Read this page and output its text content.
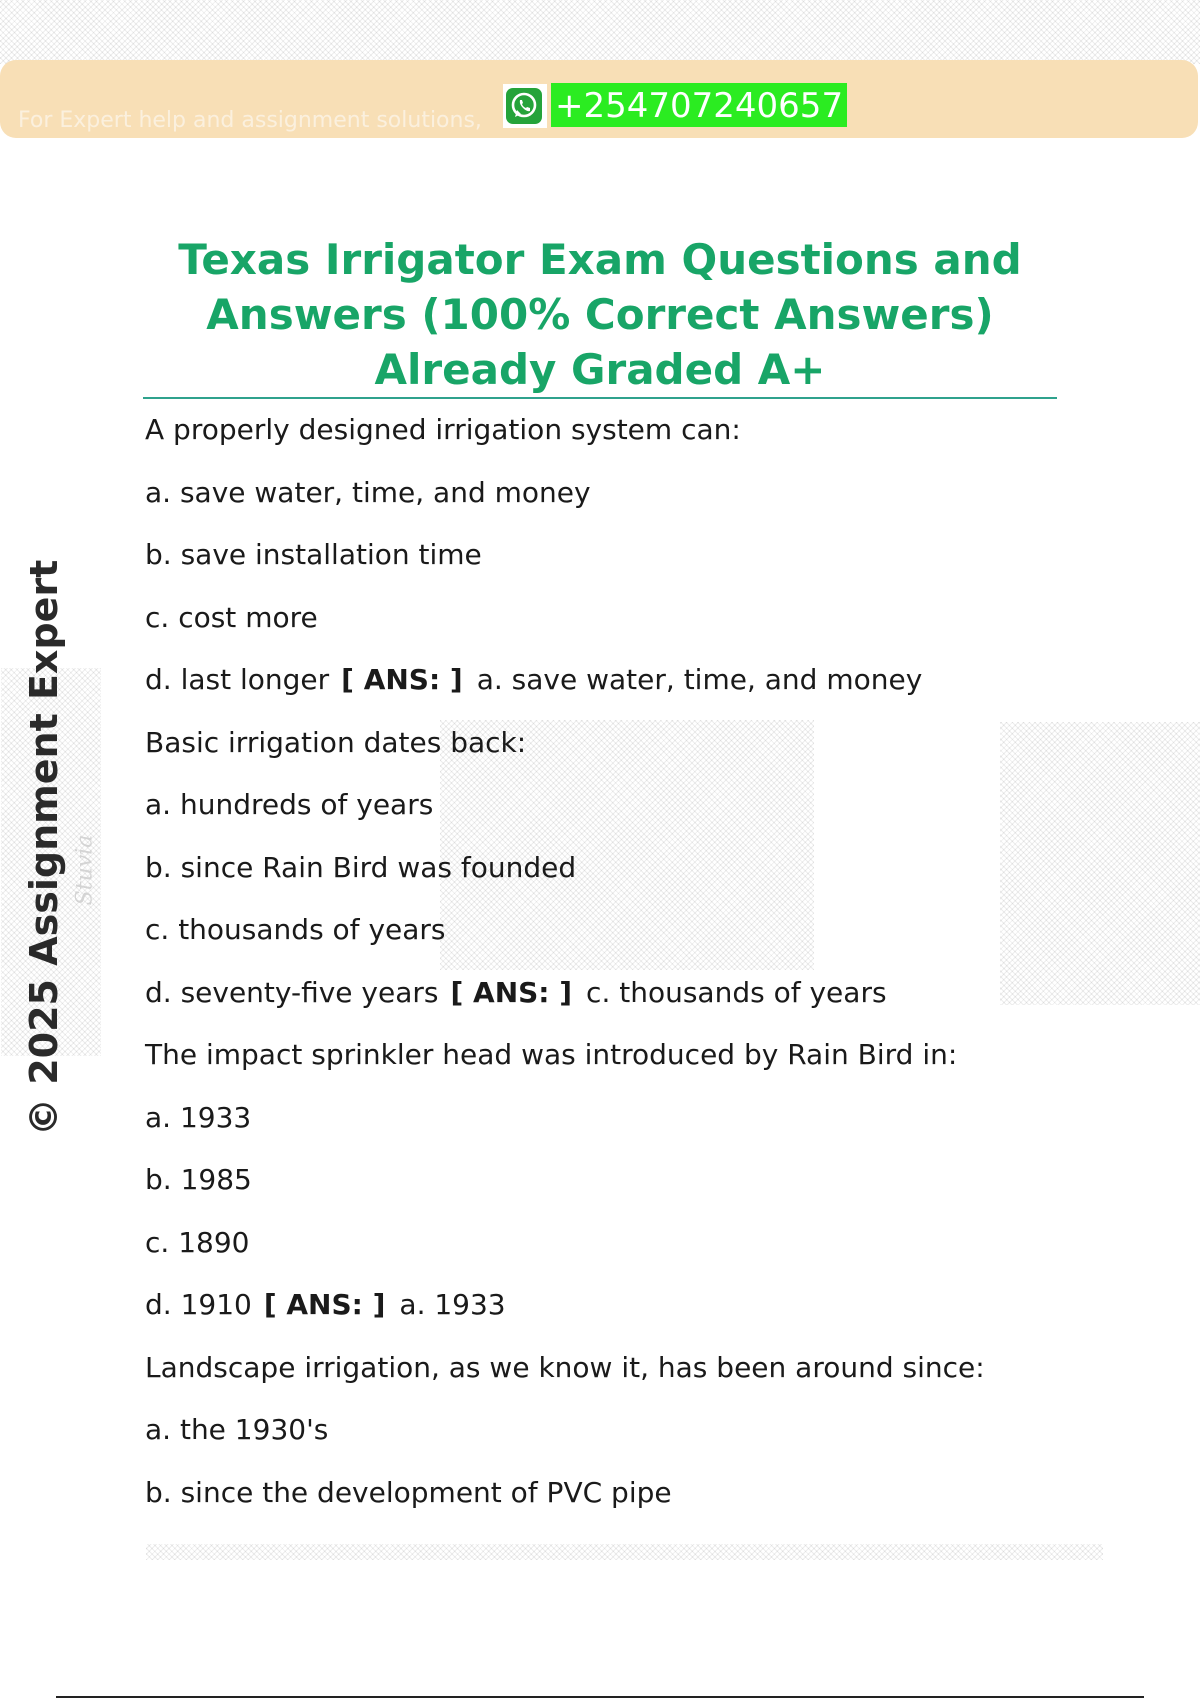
For Expert help and assignment solutions, +254707240657
Texas Irrigator Exam Questions and Answers (100% Correct Answers) Already Graded A+
Stuvia
© 2025 Assignment Expert
A properly designed irrigation system can:
a. save water, time, and money
b. save installation time
c. cost more
d. last longer [ ANS: ] a. save water, time, and money
Basic irrigation dates back:
a. hundreds of years
b. since Rain Bird was founded
c. thousands of years
d. seventy-five years [ ANS: ] c. thousands of years
The impact sprinkler head was introduced by Rain Bird in:
a. 1933
b. 1985
c. 1890
d. 1910 [ ANS: ] a. 1933
Landscape irrigation, as we know it, has been around since:
a. the 1930's
b. since the development of PVC pipe
